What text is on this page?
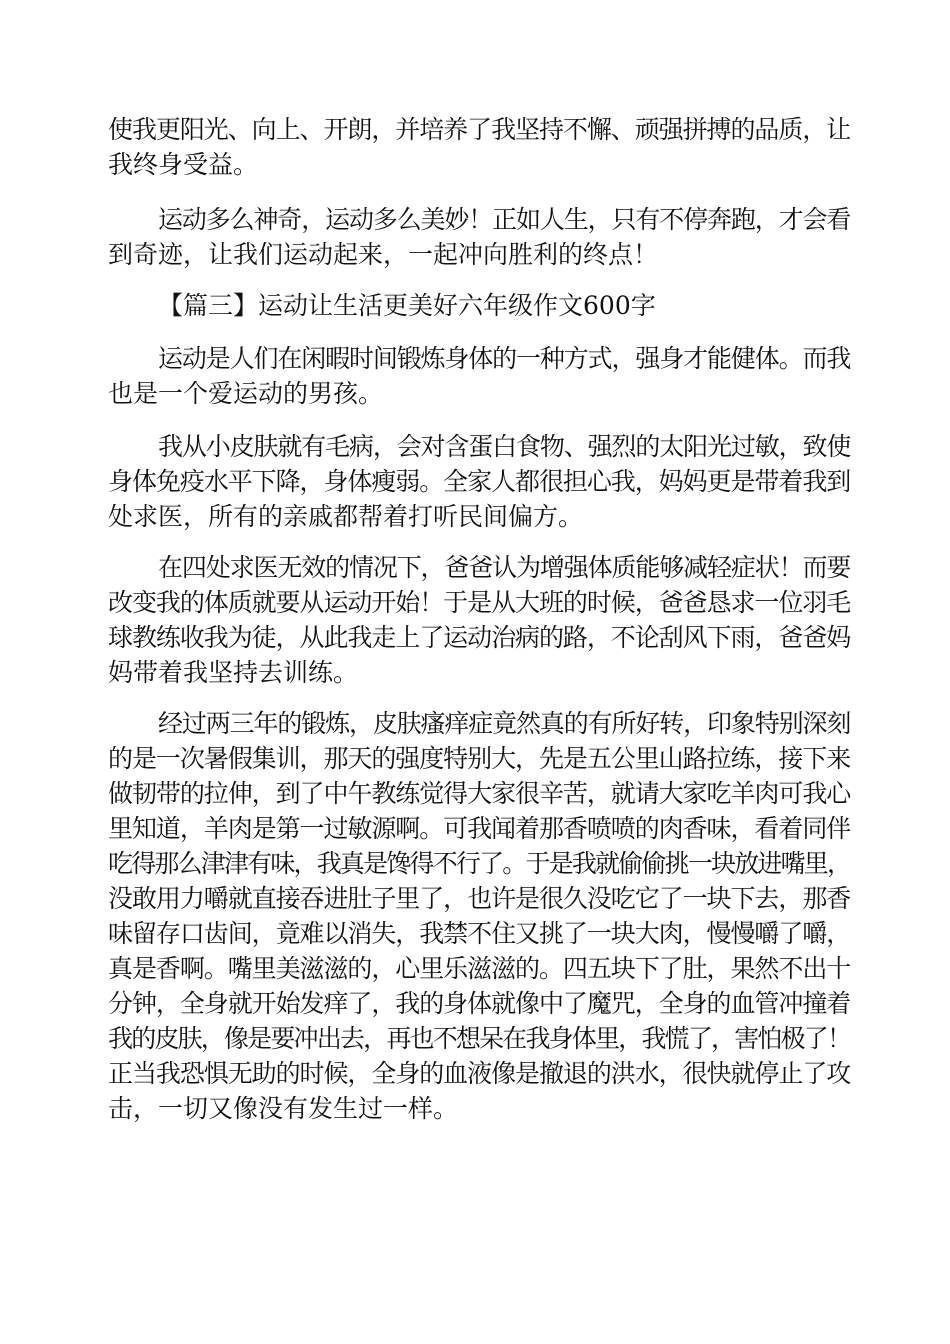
使我更阳光、向上、开朗，并培养了我坚持不懈、顽强拼搏的品质，让
我终身受益。
运动多么神奇，运动多么美妙！正如人生，只有不停奔跑，才会看
到奇迹，让我们运动起来，一起冲向胜利的终点！
【篇三】运动让生活更美好六年级作文600字
运动是人们在闲暇时间锻炼身体的一种方式，强身才能健体。而我
也是一个爱运动的男孩。
我从小皮肤就有毛病，会对含蛋白食物、强烈的太阳光过敏，致使
身体免疫水平下降，身体瘦弱。全家人都很担心我，妈妈更是带着我到
处求医，所有的亲戚都帮着打听民间偏方。
在四处求医无效的情况下，爸爸认为增强体质能够减轻症状！而要
改变我的体质就要从运动开始！于是从大班的时候，爸爸恳求一位羽毛
球教练收我为徒，从此我走上了运动治病的路，不论刮风下雨，爸爸妈
妈带着我坚持去训练。
经过两三年的锻炼，皮肤瘙痒症竟然真的有所好转，印象特别深刻
的是一次暑假集训，那天的强度特别大，先是五公里山路拉练，接下来
做韧带的拉伸，到了中午教练觉得大家很辛苦，就请大家吃羊肉可我心
里知道，羊肉是第一过敏源啊。可我闻着那香喷喷的肉香味，看着同伴
吃得那么津津有味，我真是馋得不行了。于是我就偷偷挑一块放进嘴里，
没敢用力嚼就直接吞进肚子里了，也许是很久没吃它了一块下去，那香
味留存口齿间，竟难以消失，我禁不住又挑了一块大肉，慢慢嚼了嚼，
真是香啊。嘴里美滋滋的，心里乐滋滋的。四五块下了肚，果然不出十
分钟，全身就开始发痒了，我的身体就像中了魔咒，全身的血管冲撞着
我的皮肤，像是要冲出去，再也不想呆在我身体里，我慌了，害怕极了！
正当我恐惧无助的时候，全身的血液像是撤退的洪水，很快就停止了攻
击，一切又像没有发生过一样。
